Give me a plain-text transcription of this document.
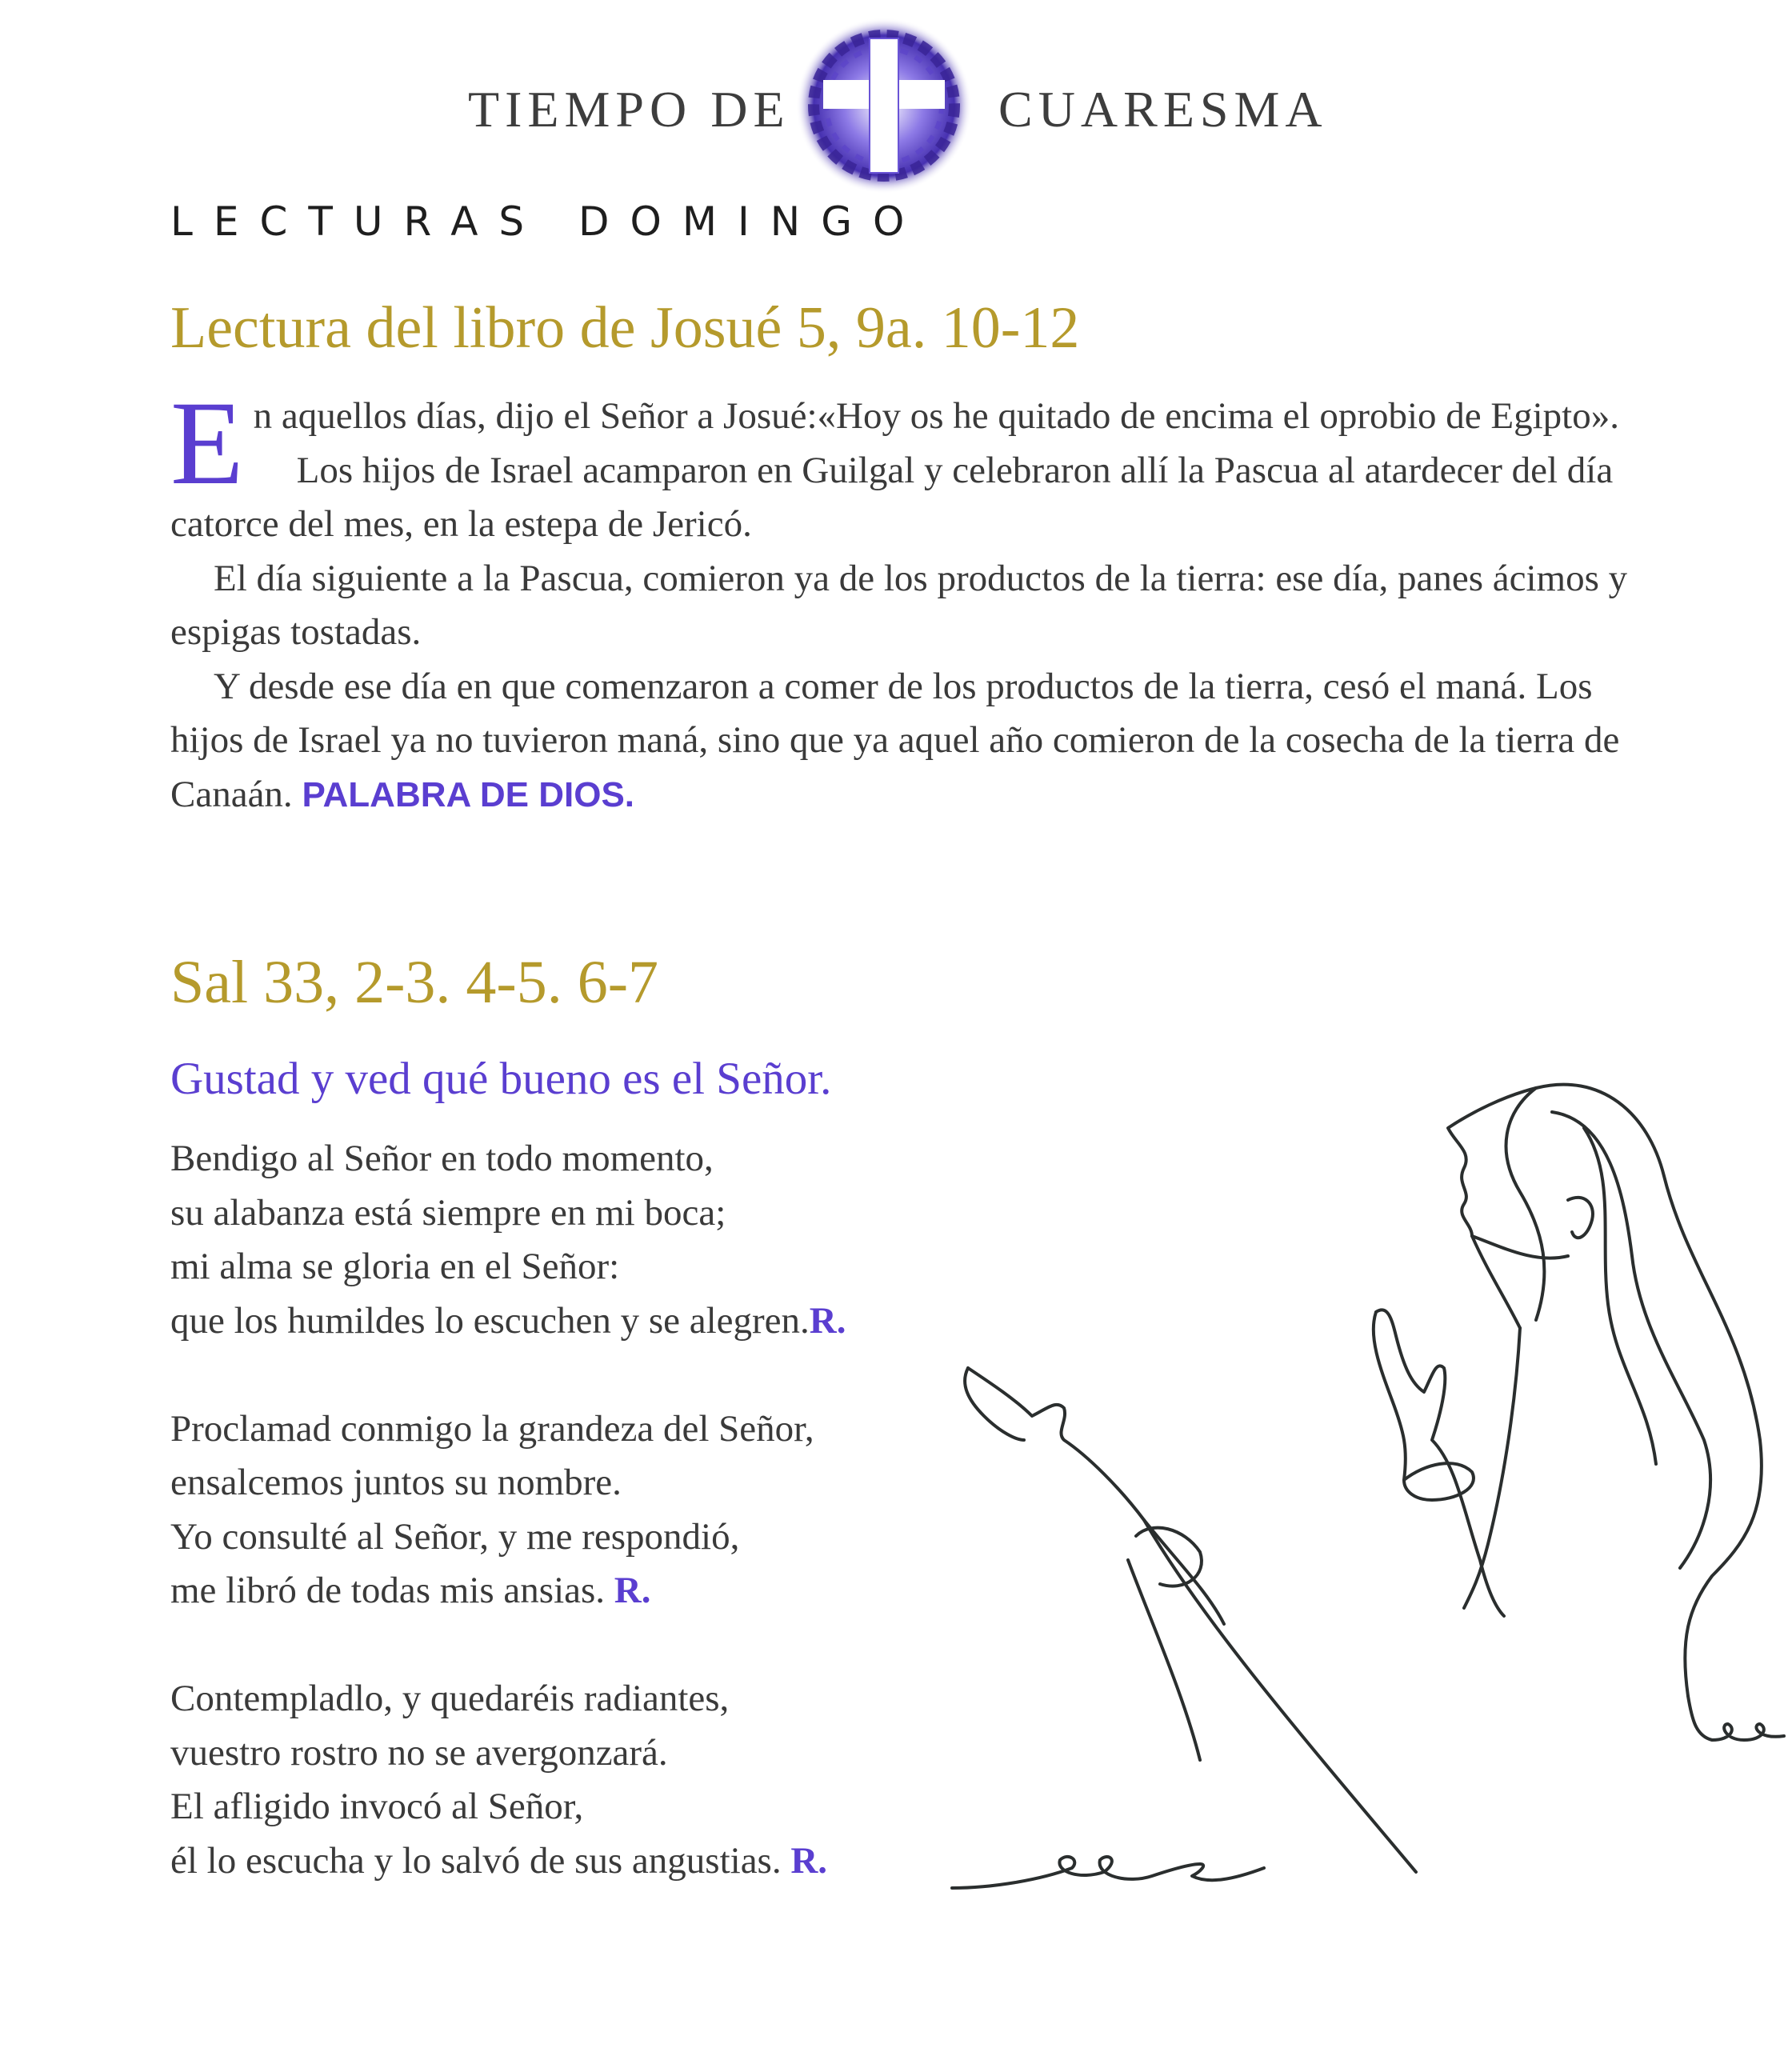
TIEMPO DE	CUARESMA
LECTURAS DOMINGO
Lectura del libro de Josué 5, 9a. 10-12

En aquellos días, dijo el Señor a Josué:«Hoy os he quitado de encima el oprobio de Egipto».

Los hijos de Israel acamparon en Guilgal y celebraron allí la Pascua al atardecer del día catorce del mes, en la estepa de Jericó.

El día siguiente a la Pascua, comieron ya de los productos de la tierra: ese día, panes ácimos y espigas tostadas.

Y desde ese día en que comenzaron a comer de los productos de la tierra, cesó el maná. Los hijos de Israel ya no tuvieron maná, sino que ya aquel año comieron de la cosecha de la tierra de Canaán. PALABRA DE DIOS.

Sal 33, 2-3. 4-5. 6-7
Gustad y ved qué bueno es el Señor.
Bendigo al Señor en todo momento,
su alabanza está siempre en mi boca;
mi alma se gloria en el Señor:
que los humildes lo escuchen y se alegren.R.
Proclamad conmigo la grandeza del Señor,
ensalcemos juntos su nombre.
Yo consulté al Señor, y me respondió,
me libró de todas mis ansias. R.
Contempladlo, y quedaréis radiantes,
vuestro rostro no se avergonzará.
El afligido invocó al Señor,
él lo escucha y lo salvó de sus angustias. R.
